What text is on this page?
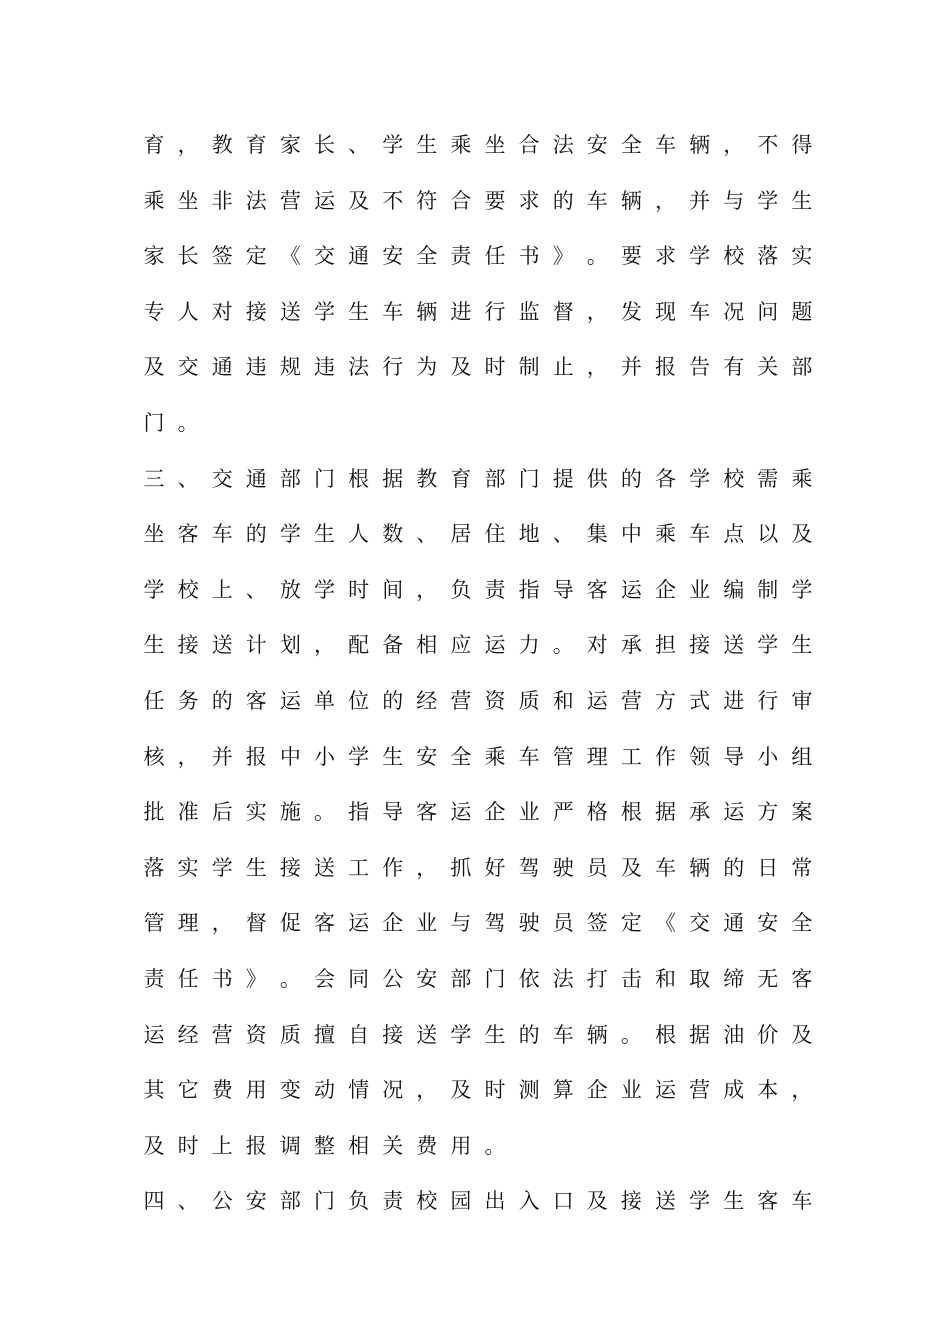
育 ， 教 育 家 长 、 学 生 乘 坐 合 法 安 全 车 辆 ， 不 得
乘 坐 非 法 营 运 及 不 符 合 要 求 的 车 辆 ， 并 与 学 生
家 长 签 定 《 交 通 安 全 责 任 书 》 。 要 求 学 校 落 实
专 人 对 接 送 学 生 车 辆 进 行 监 督 ， 发 现 车 况 问 题
及 交 通 违 规 违 法 行 为 及 时 制 止 ， 并 报 告 有 关 部
门 。
三 、 交 通 部 门 根 据 教 育 部 门 提 供 的 各 学 校 需 乘
坐 客 车 的 学 生 人 数 、 居 住 地 、 集 中 乘 车 点 以 及
学 校 上 、 放 学 时 间 ， 负 责 指 导 客 运 企 业 编 制 学
生 接 送 计 划 ， 配 备 相 应 运 力 。 对 承 担 接 送 学 生
任 务 的 客 运 单 位 的 经 营 资 质 和 运 营 方 式 进 行 审
核 ， 并 报 中 小 学 生 安 全 乘 车 管 理 工 作 领 导 小 组
批 准 后 实 施 。 指 导 客 运 企 业 严 格 根 据 承 运 方 案
落 实 学 生 接 送 工 作 ， 抓 好 驾 驶 员 及 车 辆 的 日 常
管 理 ， 督 促 客 运 企 业 与 驾 驶 员 签 定 《 交 通 安 全
责 任 书 》 。 会 同 公 安 部 门 依 法 打 击 和 取 缔 无 客
运 经 营 资 质 擅 自 接 送 学 生 的 车 辆 。 根 据 油 价 及
其 它 费 用 变 动 情 况 ， 及 时 测 算 企 业 运 营 成 本 ，
及 时 上 报 调 整 相 关 费 用 。
四 、 公 安 部 门 负 责 校 园 出 入 口 及 接 送 学 生 客 车
